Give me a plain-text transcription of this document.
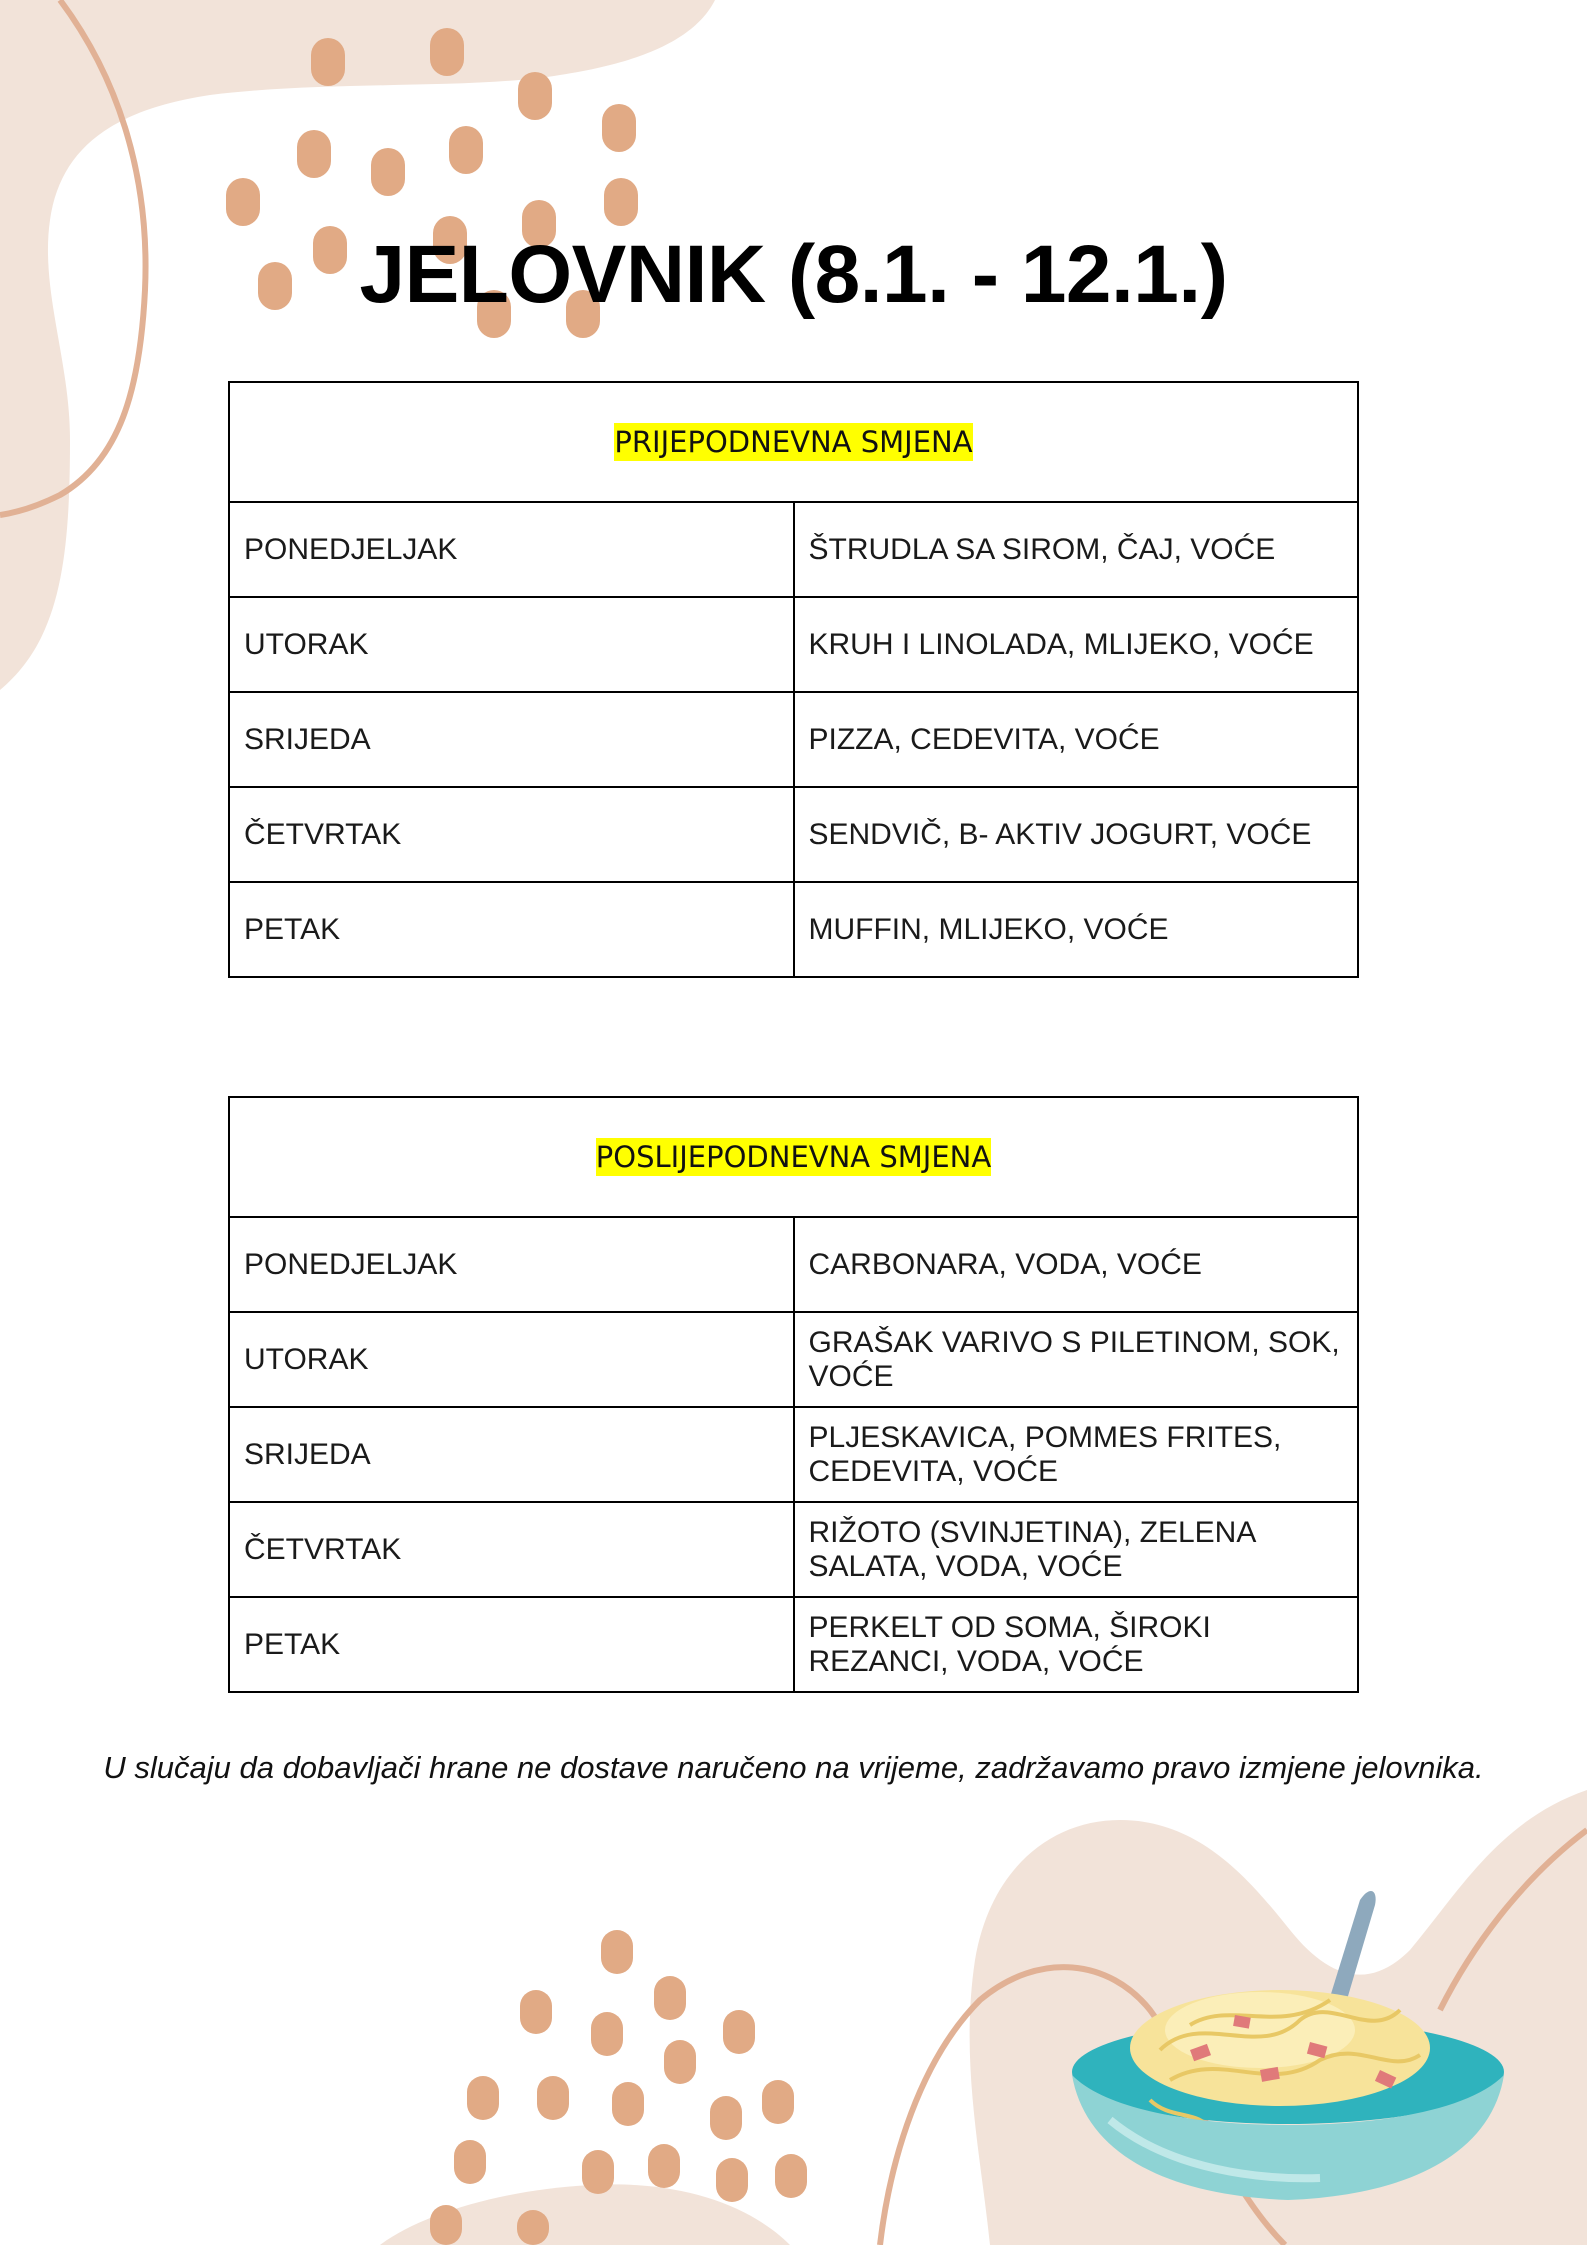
JELOVNIK (8.1. - 12.1.)
PRIJEPODNEVNA SMJENA	
PONEDJELJAK	ŠTRUDLA SA SIROM, ČAJ, VOĆE
UTORAK	KRUH I LINOLADA, MLIJEKO, VOĆE
SRIJEDA	PIZZA, CEDEVITA, VOĆE
ČETVRTAK	SENDVIČ, B- AKTIV JOGURT, VOĆE
PETAK	MUFFIN, MLIJEKO, VOĆE
POSLIJEPODNEVNA SMJENA	
PONEDJELJAK	CARBONARA, VODA, VOĆE
UTORAK	GRAŠAK VARIVO S PILETINOM, SOK, VOĆE
SRIJEDA	PLJESKAVICA, POMMES FRITES, CEDEVITA, VOĆE
ČETVRTAK	RIŽOTO (SVINJETINA), ZELENA SALATA, VODA, VOĆE
PETAK	PERKELT OD SOMA, ŠIROKI REZANCI, VODA, VOĆE
U slučaju da dobavljači hrane ne dostave naručeno na vrijeme, zadržavamo pravo izmjene jelovnika.
